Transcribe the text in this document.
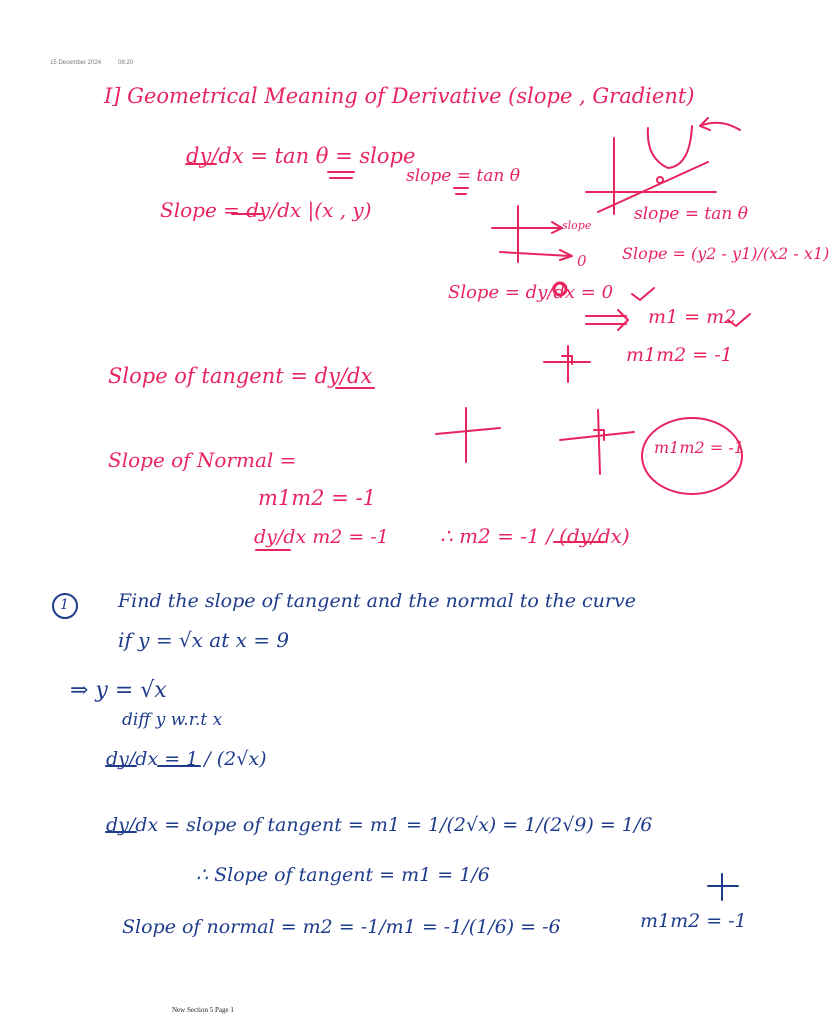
15 December 2024	08:20
I] Geometrical Meaning of Derivative (slope , Gradient)
dy/dx = tan θ = slope
slope = tan θ
Slope = dy/dx |(x , y)	slope = tan θ
Slope = (y2 - y1)/(x2 - x1)
slope
0
Slope = dy/dx = 0
m1 = m2
m1m2 = -1
Slope of tangent = dy/dx
Slope of Normal =
m1m2 = -1
dy/dx m2 = -1	∴ m2 = -1 / (dy/dx)
m1m2 = -1
1	Find the slope of tangent and the normal to the curve
if y = √x at x = 9
⇒ y = √x
diff y w.r.t x
dy/dx = 1 / (2√x)
dy/dx = slope of tangent = m1 = 1/(2√x) = 1/(2√9) = 1/6
∴ Slope of tangent = m1 = 1/6
Slope of normal = m2 = -1/m1 = -1/(1/6) = -6	m1m2 = -1
New Section 5 Page 1
